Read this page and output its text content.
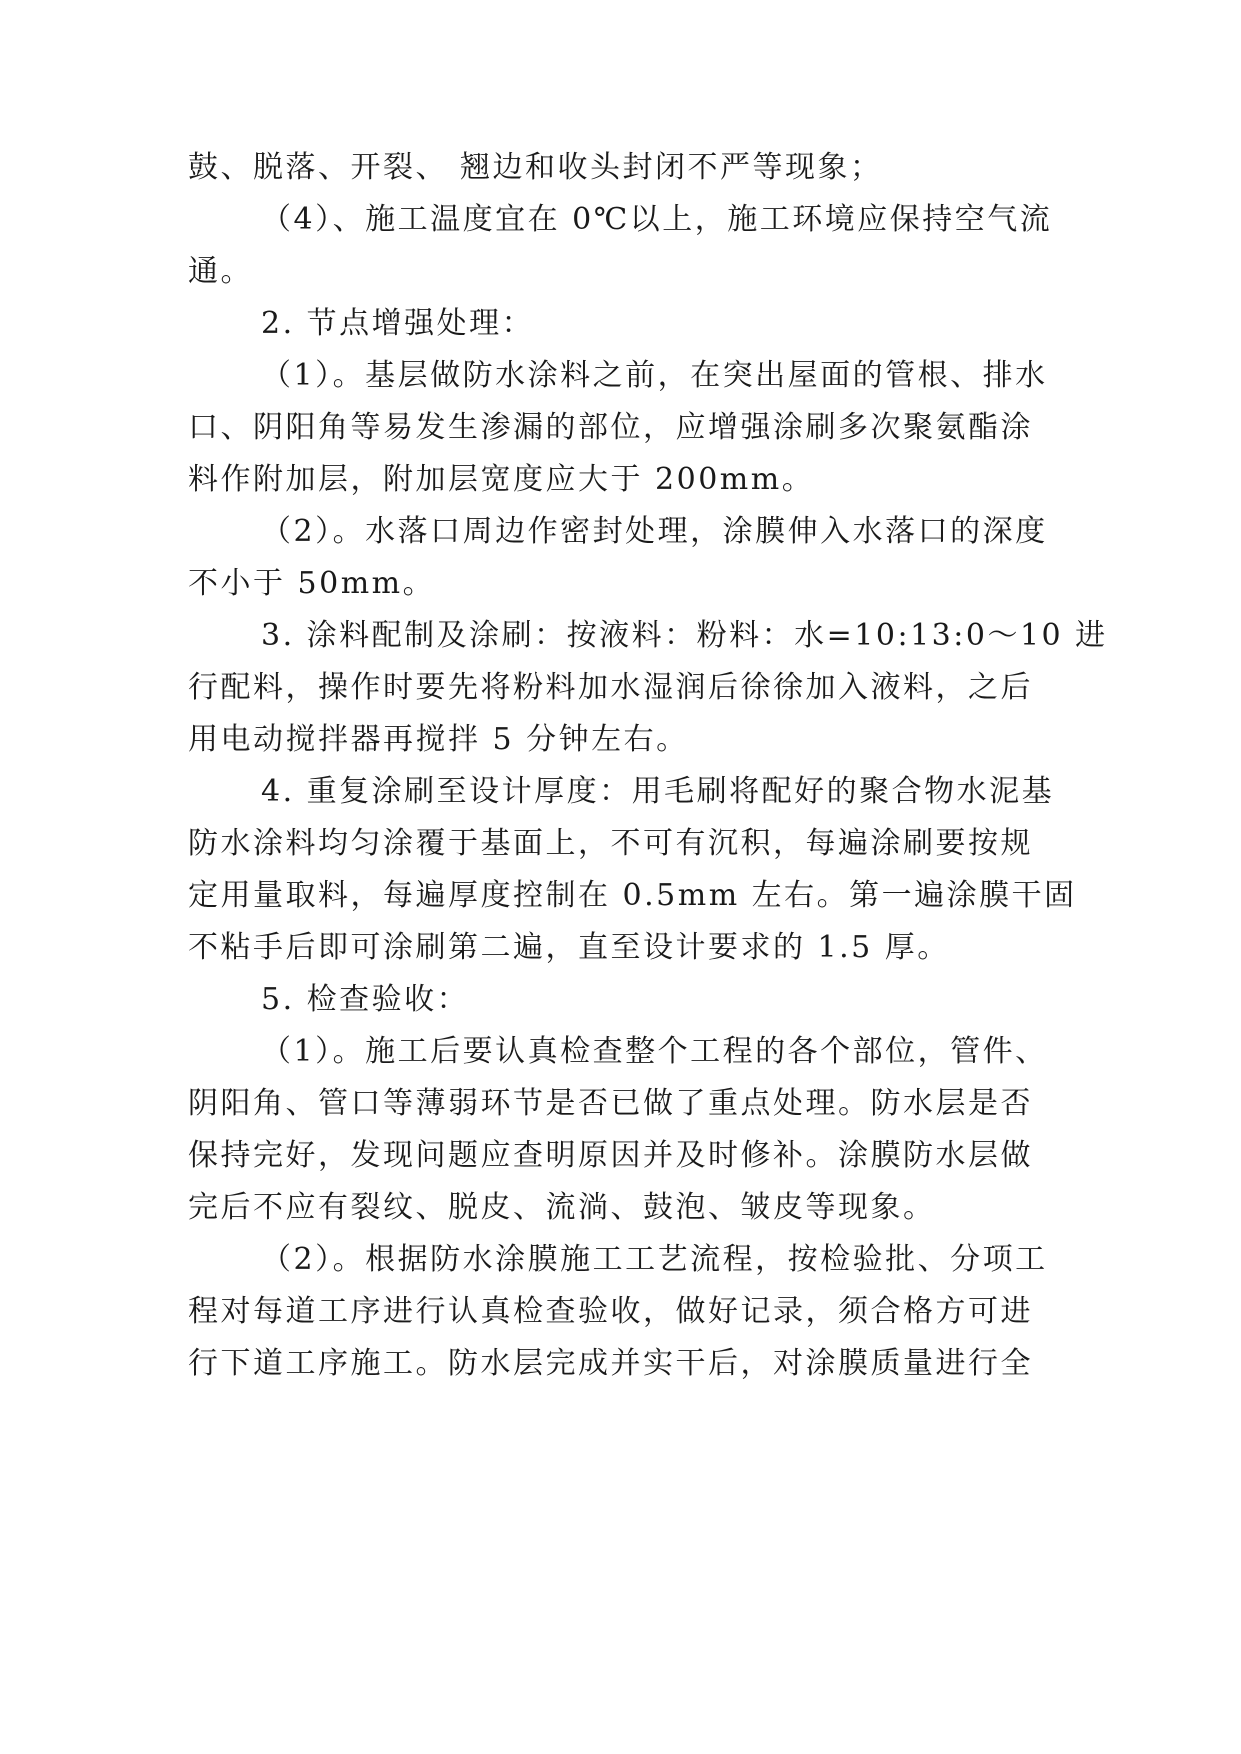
鼓、脱落、开裂、 翘边和收头封闭不严等现象；
（4）、施工温度宜在 0℃以上，施工环境应保持空气流
通。
2. 节点增强处理：
（1）。基层做防水涂料之前，在突出屋面的管根、排水
口、阴阳角等易发生渗漏的部位，应增强涂刷多次聚氨酯涂
料作附加层，附加层宽度应大于 200mm。
（2）。水落口周边作密封处理，涂膜伸入水落口的深度
不小于 50mm。
3. 涂料配制及涂刷：按液料：粉料：水=10:13:0～10 进
行配料，操作时要先将粉料加水湿润后徐徐加入液料，之后
用电动搅拌器再搅拌 5 分钟左右。
4. 重复涂刷至设计厚度：用毛刷将配好的聚合物水泥基
防水涂料均匀涂覆于基面上，不可有沉积，每遍涂刷要按规
定用量取料，每遍厚度控制在 0.5mm 左右。第一遍涂膜干固
不粘手后即可涂刷第二遍，直至设计要求的 1.5 厚。
5. 检查验收：
（1）。施工后要认真检查整个工程的各个部位，管件、
阴阳角、管口等薄弱环节是否已做了重点处理。防水层是否
保持完好，发现问题应查明原因并及时修补。涂膜防水层做
完后不应有裂纹、脱皮、流淌、鼓泡、皱皮等现象。
（2）。根据防水涂膜施工工艺流程，按检验批、分项工
程对每道工序进行认真检查验收，做好记录，须合格方可进
行下道工序施工。防水层完成并实干后，对涂膜质量进行全
